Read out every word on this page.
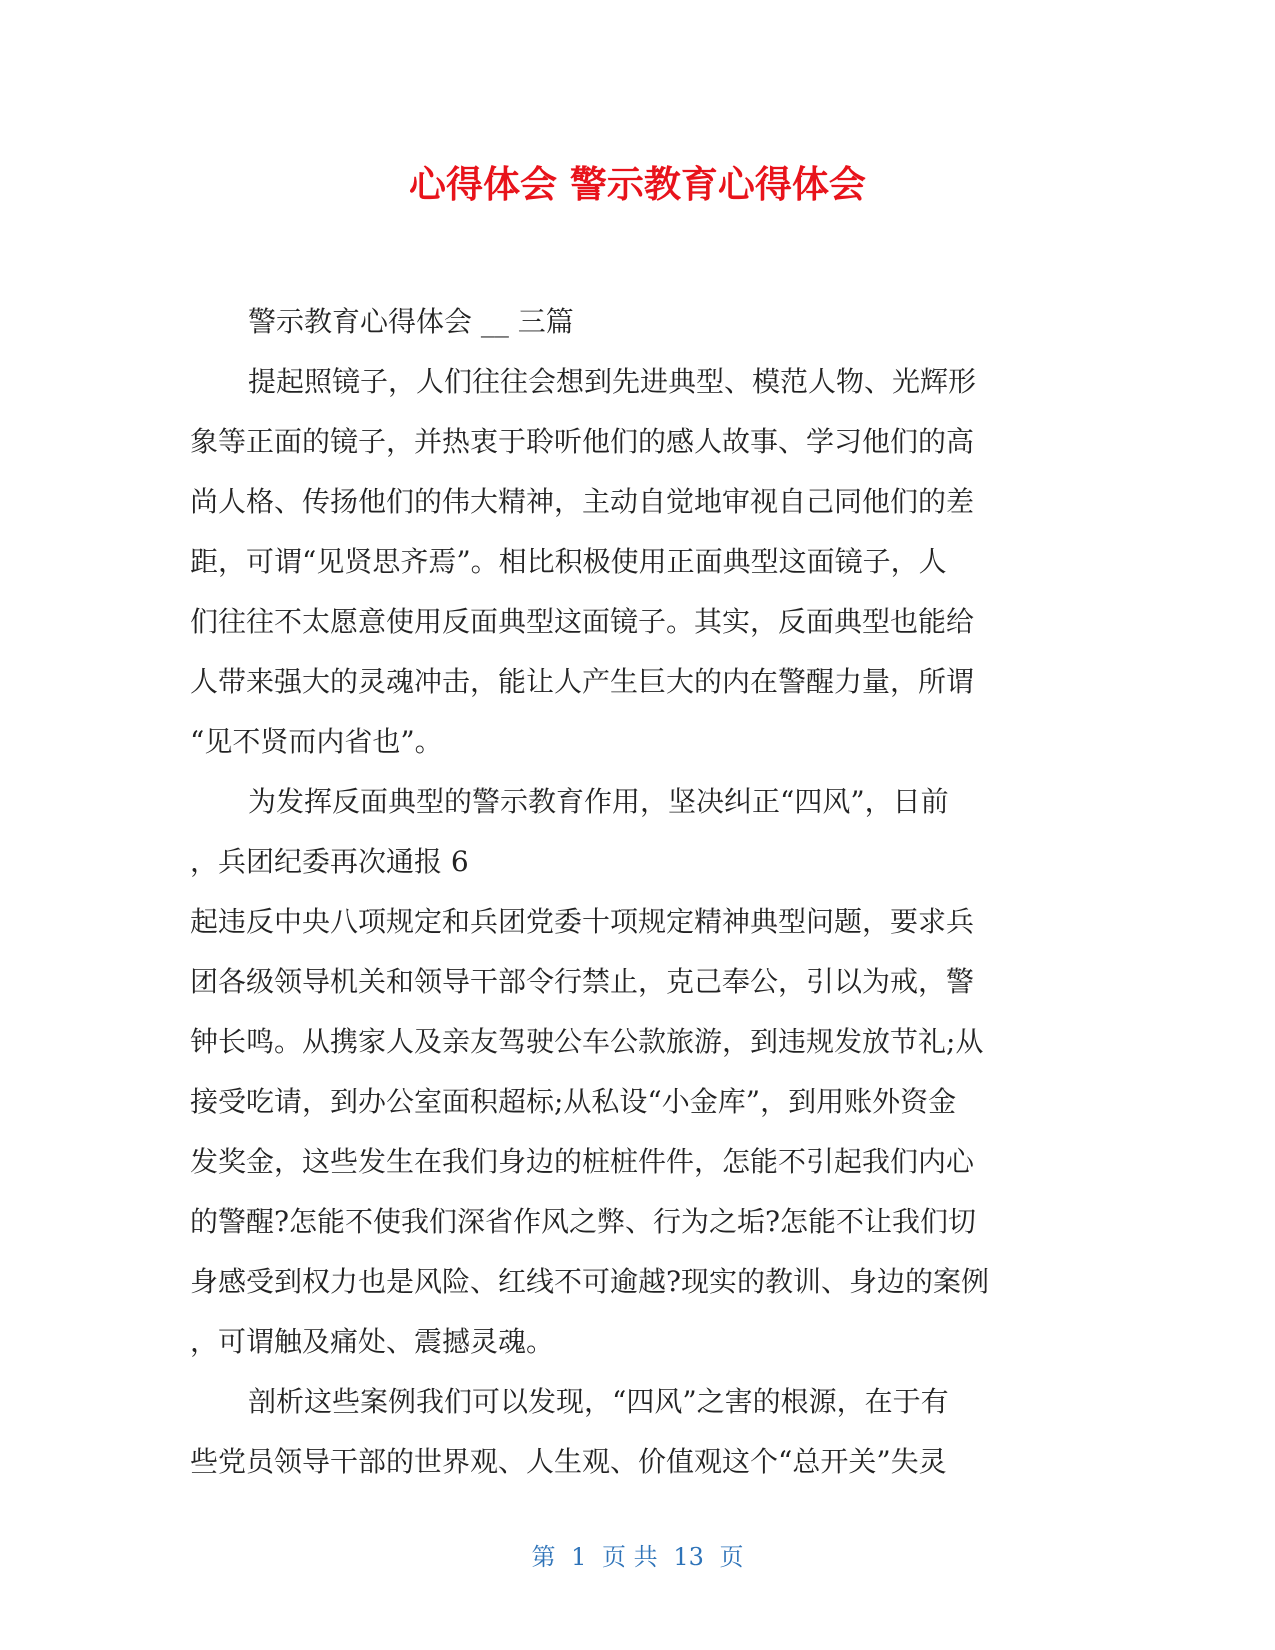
心得体会 警示教育心得体会

警示教育心得体会 __ 三篇

提起照镜子，人们往往会想到先进典型、模范人物、光辉形

象等正面的镜子，并热衷于聆听他们的感人故事、学习他们的高

尚人格、传扬他们的伟大精神，主动自觉地审视自己同他们的差

距，可谓“见贤思齐焉”。相比积极使用正面典型这面镜子，人

们往往不太愿意使用反面典型这面镜子。其实，反面典型也能给

人带来强大的灵魂冲击，能让人产生巨大的内在警醒力量，所谓

“见不贤而内省也”。

为发挥反面典型的警示教育作用，坚决纠正“四风”，日前

，兵团纪委再次通报 6

起违反中央八项规定和兵团党委十项规定精神典型问题，要求兵

团各级领导机关和领导干部令行禁止，克己奉公，引以为戒，警

钟长鸣。从携家人及亲友驾驶公车公款旅游，到违规发放节礼;从

接受吃请，到办公室面积超标;从私设“小金库”，到用账外资金

发奖金，这些发生在我们身边的桩桩件件，怎能不引起我们内心

的警醒?怎能不使我们深省作风之弊、行为之垢?怎能不让我们切

身感受到权力也是风险、红线不可逾越?现实的教训、身边的案例

，可谓触及痛处、震撼灵魂。

剖析这些案例我们可以发现，“四风”之害的根源，在于有

些党员领导干部的世界观、人生观、价值观这个“总开关”失灵

第 1 页 共 13 页
